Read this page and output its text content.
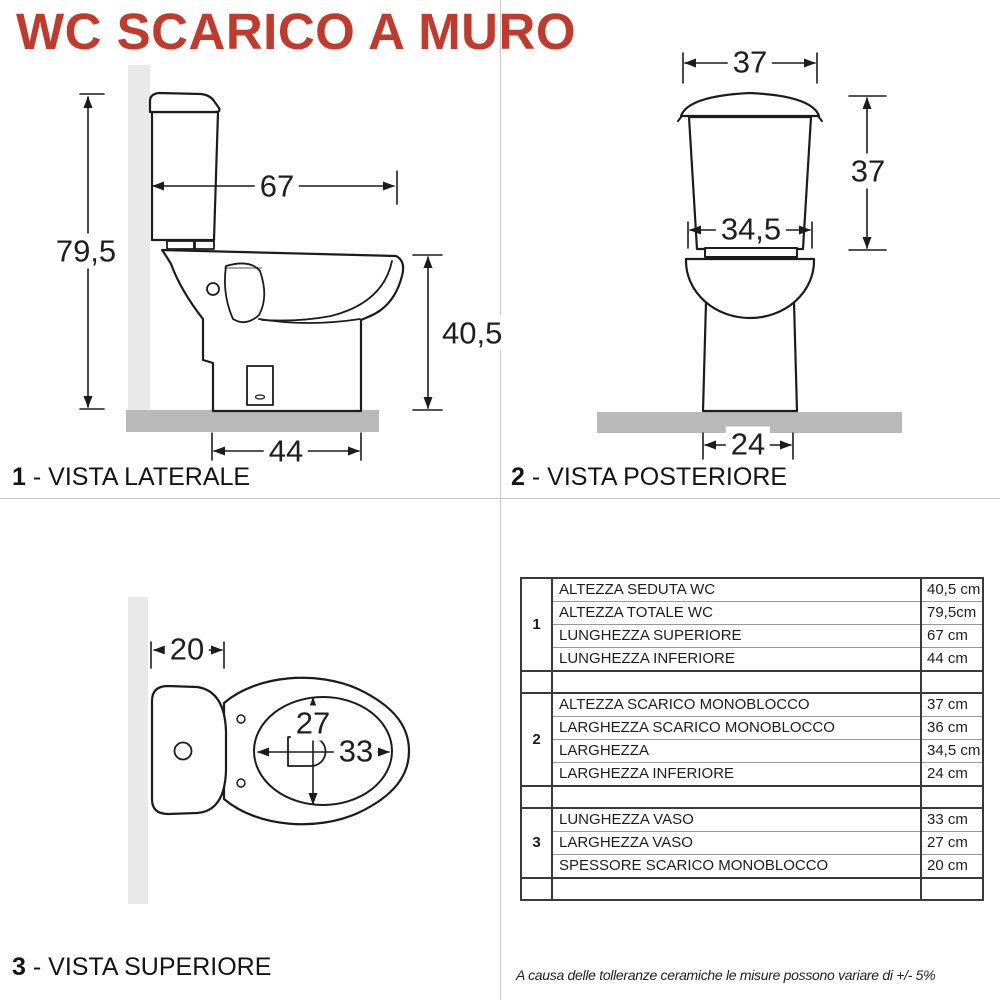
WC SCARICO A MURO
79,5
67
40,5
44
37
37
34,5
24
20
27
33
1 - VISTA LATERALE	2 - VISTA POSTERIORE
3 - VISTA SUPERIORE
1	ALTEZZA SEDUTA WC	40,5 cm
	ALTEZZA TOTALE WC	79,5cm
	LUNGHEZZA SUPERIORE	67 cm
	LUNGHEZZA INFERIORE	44 cm

2	ALTEZZA SCARICO MONOBLOCCO	37 cm
	LARGHEZZA SCARICO MONOBLOCCO	36 cm
	LARGHEZZA	34,5 cm
	LARGHEZZA INFERIORE	24 cm

3	LUNGHEZZA VASO	33 cm
	LARGHEZZA VASO	27 cm
	SPESSORE SCARICO MONOBLOCCO	20 cm

A causa delle tolleranze ceramiche le misure possono variare di +/- 5%
